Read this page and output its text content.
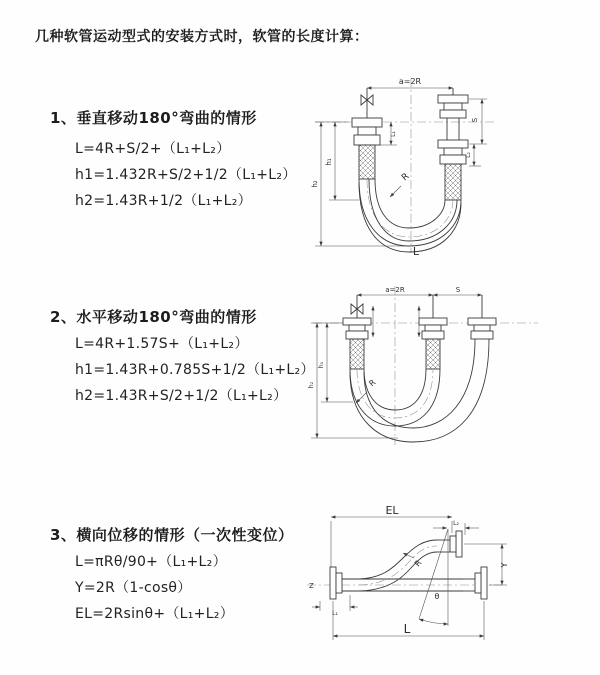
几种软管运动型式的安装方式时，软管的长度计算：
1、垂直移动180°弯曲的情形
L=4R+S/2+（L₁+L₂）
h1=1.432R+S/2+1/2（L₁+L₂）
h2=1.43R+1/2（L₁+L₂）
2、水平移动180°弯曲的情形
L=4R+1.57S+（L₁+L₂）
h1=1.43R+0.785S+1/2（L₁+L₂）
h2=1.43R+S/2+1/2（L₁+L₂）
3、横向位移的情形（一次性变位）
L=πRθ/90+（L₁+L₂）
Y=2R（1-cosθ）
EL=2Rsinθ+（L₁+L₂）
a=2R
S
L₂
L₁
h₁
h₂
R
L
a=2R	S
h₁
h₂	R
Z
θ
EL
L₂
Y
L₁
L
R
